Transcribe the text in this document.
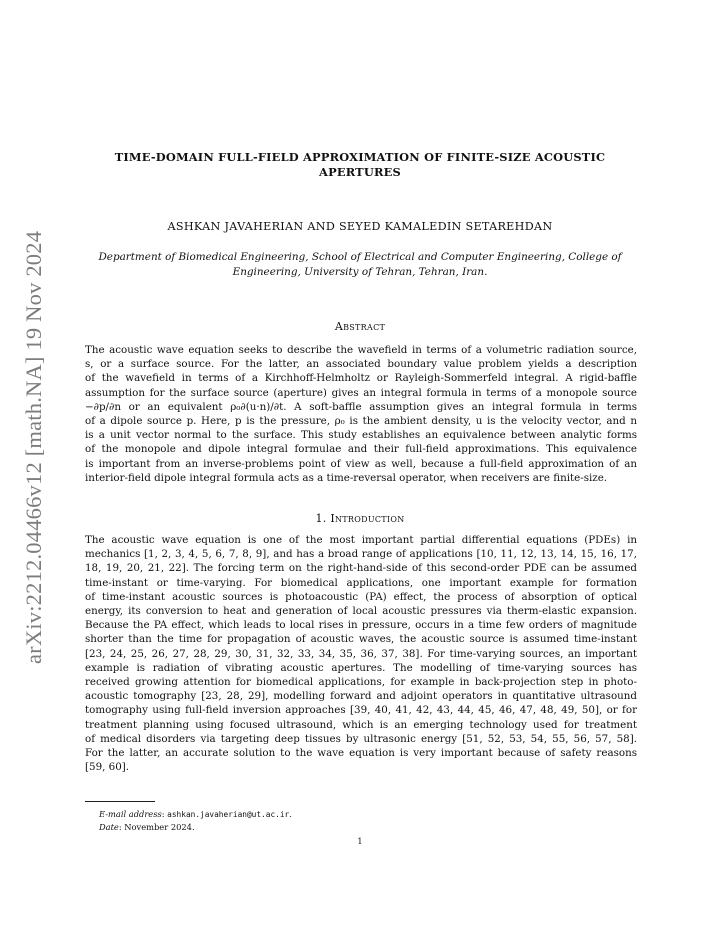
arXiv:2212.04466v12 [math.NA] 19 Nov 2024
TIME-DOMAIN FULL-FIELD APPROXIMATION OF FINITE-SIZE ACOUSTIC APERTURES
ASHKAN JAVAHERIAN AND SEYED KAMALEDIN SETAREHDAN
Department of Biomedical Engineering, School of Electrical and Computer Engineering, College of Engineering, University of Tehran, Tehran, Iran.
Abstract
The acoustic wave equation seeks to describe the wavefield in terms of a volumetric radiation source,
s, or a surface source. For the latter, an associated boundary value problem yields a description
of the wavefield in terms of a Kirchhoff-Helmholtz or Rayleigh-Sommerfeld integral. A rigid-baffle
assumption for the surface source (aperture) gives an integral formula in terms of a monopole source
−∂p/∂n or an equivalent ρ₀∂(u·n)/∂t. A soft-baffle assumption gives an integral formula in terms
of a dipole source p. Here, p is the pressure, ρ₀ is the ambient density, u is the velocity vector, and n
is a unit vector normal to the surface. This study establishes an equivalence between analytic forms
of the monopole and dipole integral formulae and their full-field approximations. This equivalence
is important from an inverse-problems point of view as well, because a full-field approximation of an
interior-field dipole integral formula acts as a time-reversal operator, when receivers are finite-size.
1. Introduction
The acoustic wave equation is one of the most important partial differential equations (PDEs) in
mechanics [1, 2, 3, 4, 5, 6, 7, 8, 9], and has a broad range of applications [10, 11, 12, 13, 14, 15, 16, 17,
18, 19, 20, 21, 22]. The forcing term on the right-hand-side of this second-order PDE can be assumed
time-instant or time-varying. For biomedical applications, one important example for formation
of time-instant acoustic sources is photoacoustic (PA) effect, the process of absorption of optical
energy, its conversion to heat and generation of local acoustic pressures via therm-elastic expansion.
Because the PA effect, which leads to local rises in pressure, occurs in a time few orders of magnitude
shorter than the time for propagation of acoustic waves, the acoustic source is assumed time-instant
[23, 24, 25, 26, 27, 28, 29, 30, 31, 32, 33, 34, 35, 36, 37, 38]. For time-varying sources, an important
example is radiation of vibrating acoustic apertures. The modelling of time-varying sources has
received growing attention for biomedical applications, for example in back-projection step in photo-
acoustic tomography [23, 28, 29], modelling forward and adjoint operators in quantitative ultrasound
tomography using full-field inversion approaches [39, 40, 41, 42, 43, 44, 45, 46, 47, 48, 49, 50], or for
treatment planning using focused ultrasound, which is an emerging technology used for treatment
of medical disorders via targeting deep tissues by ultrasonic energy [51, 52, 53, 54, 55, 56, 57, 58].
For the latter, an accurate solution to the wave equation is very important because of safety reasons
[59, 60].
E-mail address: ashkan.javaherian@ut.ac.ir.
Date: November 2024.
1
